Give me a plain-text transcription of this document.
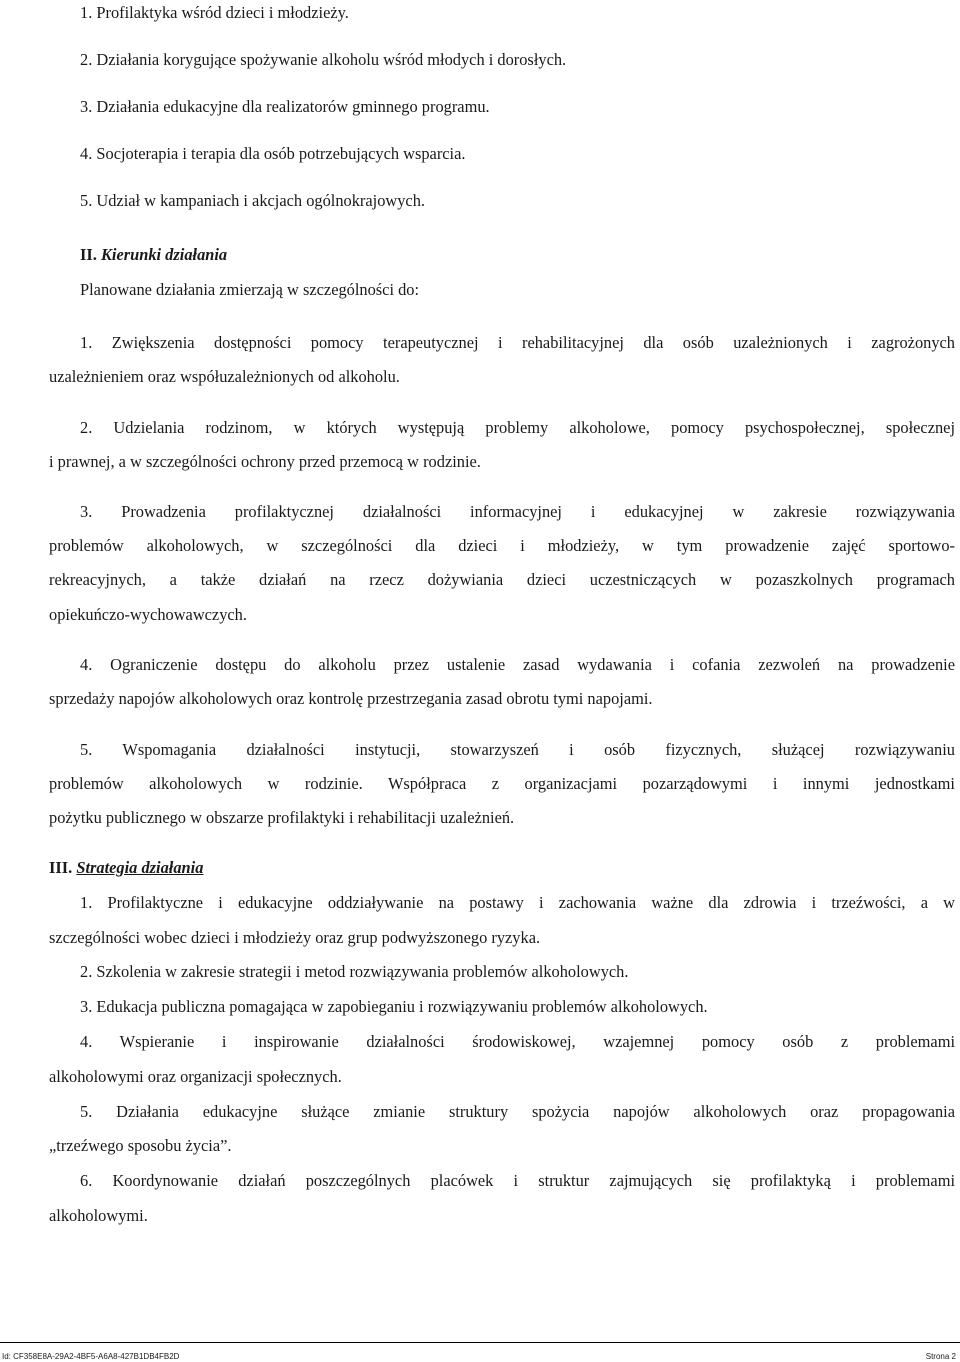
1. Profilaktyka wśród dzieci i młodzieży.
2. Działania korygujące spożywanie alkoholu wśród młodych i dorosłych.
3. Działania edukacyjne dla realizatorów gminnego programu.
4. Socjoterapia i terapia dla osób potrzebujących wsparcia.
5. Udział w kampaniach i akcjach ogólnokrajowych.
II. Kierunki działania
Planowane działania zmierzają w szczególności do:
1. Zwiększenia dostępności pomocy terapeutycznej i rehabilitacyjnej dla osób uzależnionych i zagrożonych
uzależnieniem oraz współuzależnionych od alkoholu.
2. Udzielania rodzinom, w których występują problemy alkoholowe, pomocy psychospołecznej, społecznej
i prawnej, a w szczególności ochrony przed przemocą w rodzinie.
3. Prowadzenia profilaktycznej działalności informacyjnej i edukacyjnej w zakresie rozwiązywania
problemów alkoholowych, w szczególności dla dzieci i młodzieży, w tym prowadzenie zajęć sportowo-
rekreacyjnych, a także działań na rzecz dożywiania dzieci uczestniczących w pozaszkolnych programach
opiekuńczo-wychowawczych.
4. Ograniczenie dostępu do alkoholu przez ustalenie zasad wydawania i cofania zezwoleń na prowadzenie
sprzedaży napojów alkoholowych oraz kontrolę przestrzegania zasad obrotu tymi napojami.
5. Wspomagania działalności instytucji, stowarzyszeń i osób fizycznych, służącej rozwiązywaniu
problemów alkoholowych w rodzinie. Współpraca z organizacjami pozarządowymi i innymi jednostkami
pożytku publicznego w obszarze profilaktyki i rehabilitacji uzależnień.
III. Strategia działania
1. Profilaktyczne i edukacyjne oddziaływanie na postawy i zachowania ważne dla zdrowia i trzeźwości, a w
szczególności wobec dzieci i młodzieży oraz grup podwyższonego ryzyka.
2. Szkolenia w zakresie strategii i metod rozwiązywania problemów alkoholowych.
3. Edukacja publiczna pomagająca w zapobieganiu i rozwiązywaniu problemów alkoholowych.
4. Wspieranie i inspirowanie działalności środowiskowej, wzajemnej pomocy osób z problemami
alkoholowymi oraz organizacji społecznych.
5. Działania edukacyjne służące zmianie struktury spożycia napojów alkoholowych oraz propagowania
„trzeźwego sposobu życia”.
6. Koordynowanie działań poszczególnych placówek i struktur zajmujących się profilaktyką i problemami
alkoholowymi.
Id: CF358E8A-29A2-4BF5-A6A8-427B1DB4FB2D	Strona 2
